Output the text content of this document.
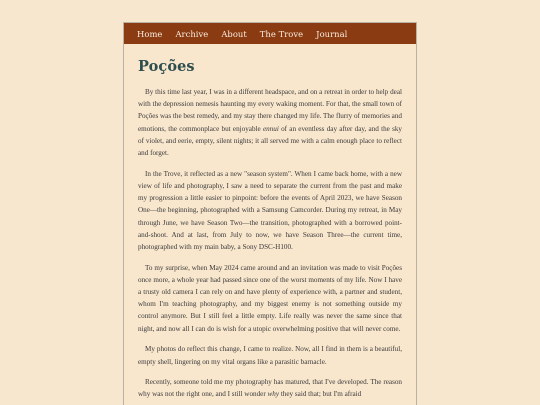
Home Archive About The Trove Journal
Poções

By this time last year, I was in a different headspace, and on a retreat in order to help deal with the depression nemesis haunting my every waking moment. For that, the small town of Poções was the best remedy, and my stay there changed my life. The flurry of memories and emotions, the commonplace but enjoyable ennui of an eventless day after day, and the sky of violet, and eerie, empty, silent nights; it all served me with a calm enough place to reflect and forget.

In the Trove, it reflected as a new "season system". When I came back home, with a new view of life and photography, I saw a need to separate the current from the past and make my progression a little easier to pinpoint: before the events of April 2023, we have Season One—the beginning, photographed with a Samsung Camcorder. During my retreat, in May through June, we have Season Two—the transition, photographed with a borrowed point-and-shoot. And at last, from July to now, we have Season Three—the current time, photographed with my main baby, a Sony DSC-H100.

To my surprise, when May 2024 came around and an invitation was made to visit Poções once more, a whole year had passed since one of the worst moments of my life. Now I have a trusty old camera I can rely on and have plenty of experience with, a partner and student, whom I'm teaching photography, and my biggest enemy is not something outside my control anymore. But I still feel a little empty. Life really was never the same since that night, and now all I can do is wish for a utopic overwhelming positive that will never come.

My photos do reflect this change, I came to realize. Now, all I find in them is a beautiful, empty shell, lingering on my vital organs like a parasitic barnacle.

Recently, someone told me my photography has matured, that I've developed. The reason why was not the right one, and I still wonder why they said that; but I'm afraid
